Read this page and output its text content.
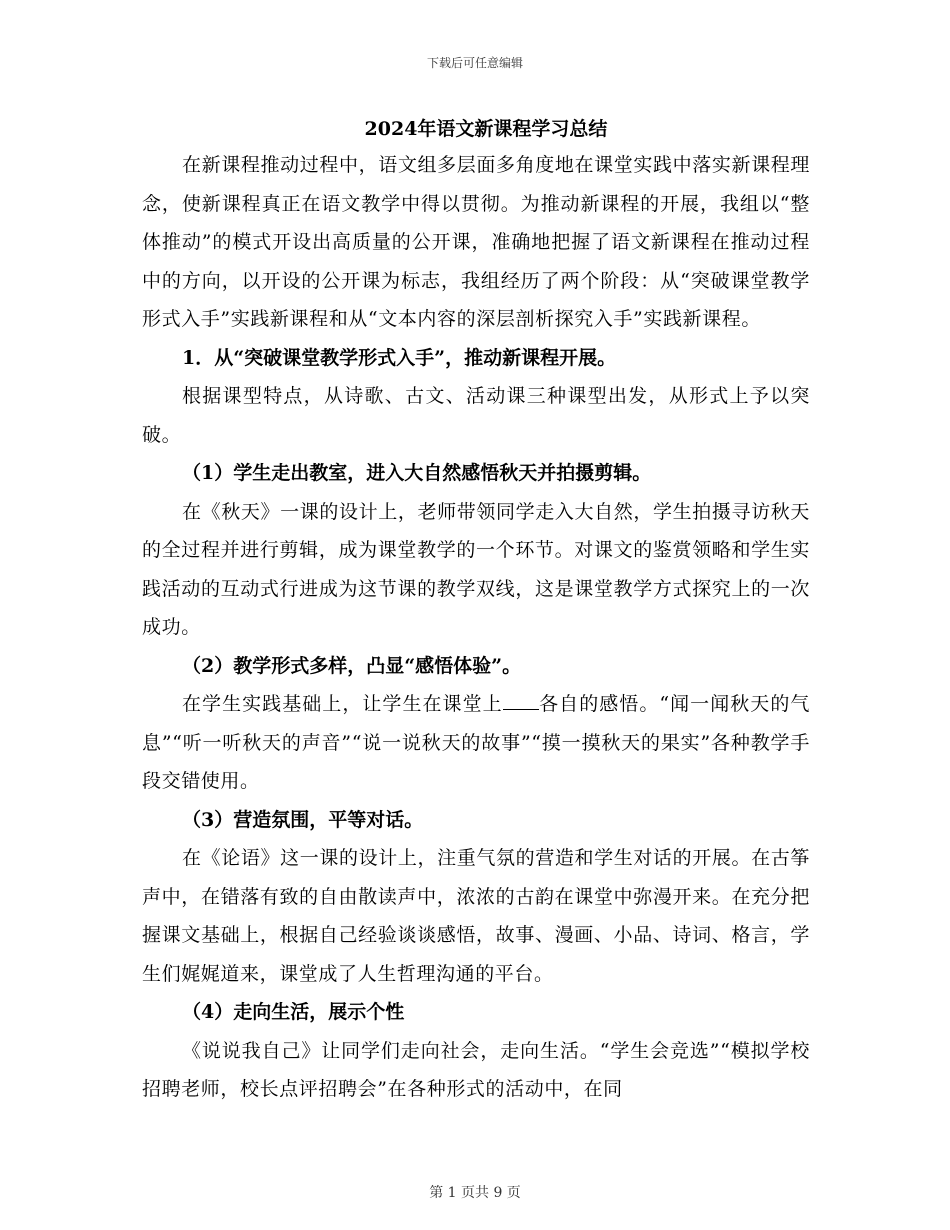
下载后可任意编辑

2024年语文新课程学习总结

在新课程推动过程中，语文组多层面多角度地在课堂实践中落实新课程理念，使新课程真正在语文教学中得以贯彻。为推动新课程的开展，我组以“整体推动”的模式开设出高质量的公开课，准确地把握了语文新课程在推动过程中的方向，以开设的公开课为标志，我组经历了两个阶段：从“突破课堂教学形式入手”实践新课程和从“文本内容的深层剖析探究入手”实践新课程。

1．从“突破课堂教学形式入手”，推动新课程开展。

根据课型特点，从诗歌、古文、活动课三种课型出发，从形式上予以突破。

（1）学生走出教室，进入大自然感悟秋天并拍摄剪辑。

在《秋天》一课的设计上，老师带领同学走入大自然，学生拍摄寻访秋天的全过程并进行剪辑，成为课堂教学的一个环节。对课文的鉴赏领略和学生实践活动的互动式行进成为这节课的教学双线，这是课堂教学方式探究上的一次成功。

（2）教学形式多样，凸显“感悟体验”。

在学生实践基础上，让学生在课堂上 各自的感悟。“闻一闻秋天的气息”“听一听秋天的声音”“说一说秋天的故事”“摸一摸秋天的果实”各种教学手段交错使用。

（3）营造氛围，平等对话。

在《论语》这一课的设计上，注重气氛的营造和学生对话的开展。在古筝声中，在错落有致的自由散读声中，浓浓的古韵在课堂中弥漫开来。在充分把握课文基础上，根据自己经验谈谈感悟，故事、漫画、小品、诗词、格言，学生们娓娓道来，课堂成了人生哲理沟通的平台。

（4）走向生活，展示个性

《说说我自己》让同学们走向社会，走向生活。“学生会竞选”“模拟学校招聘老师，校长点评招聘会”在各种形式的活动中，在同

第 1 页共 9 页
